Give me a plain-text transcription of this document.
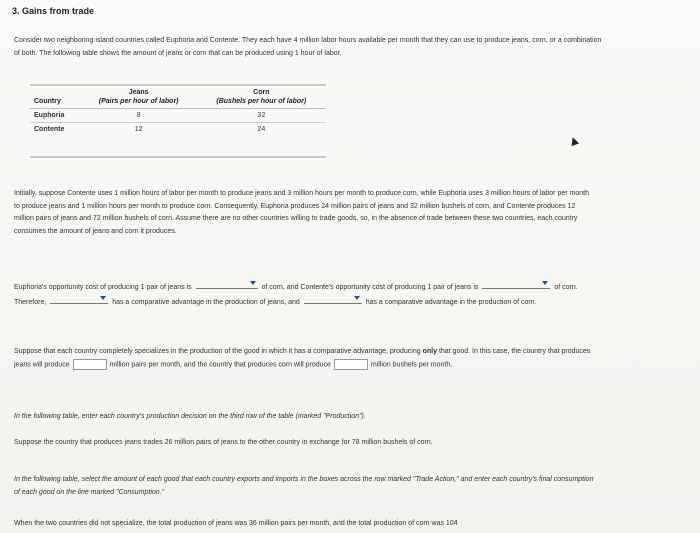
3. Gains from trade
Consider two neighboring island countries called Euphoria and Contente. They each have 4 million labor hours available per month that they can use to produce jeans, corn, or a combination of both. The following table shows the amount of jeans or corn that can be produced using 1 hour of labor.
	Jeans	Corn
Country	(Pairs per hour of labor)	(Bushels per hour of labor)
Euphoria	8	32
Contente	12	24
Initially, suppose Contente uses 1 million hours of labor per month to produce jeans and 3 million hours per month to produce corn, while Euphoria uses 3 million hours of labor per month to produce jeans and 1 million hours per month to produce corn. Consequently, Euphoria produces 24 million pairs of jeans and 32 million bushels of corn, and Contente produces 12 million pairs of jeans and 72 million bushels of corn. Assume there are no other countries willing to trade goods, so, in the absence of trade between these two countries, each country consumes the amount of jeans and corn it produces.
Euphoria's opportunity cost of producing 1 pair of jeans is	of corn, and Contente's opportunity cost of producing 1 pair of jeans is	of corn. Therefore,	has a comparative advantage in the production of jeans, and	has a comparative advantage in the production of corn.
Suppose that each country completely specializes in the production of the good in which it has a comparative advantage, producing only that good. In this case, the country that produces jeans will produce	million pairs per month, and the country that produces corn will produce	million bushels per month.
In the following table, enter each country's production decision on the third row of the table (marked "Production").
Suppose the country that produces jeans trades 26 million pairs of jeans to the other country in exchange for 78 million bushels of corn.
In the following table, select the amount of each good that each country exports and imports in the boxes across the row marked "Trade Action," and enter each country's final consumption of each good on the line marked "Consumption."
When the two countries did not specialize, the total production of jeans was 36 million pairs per month, and the total production of corn was 104
